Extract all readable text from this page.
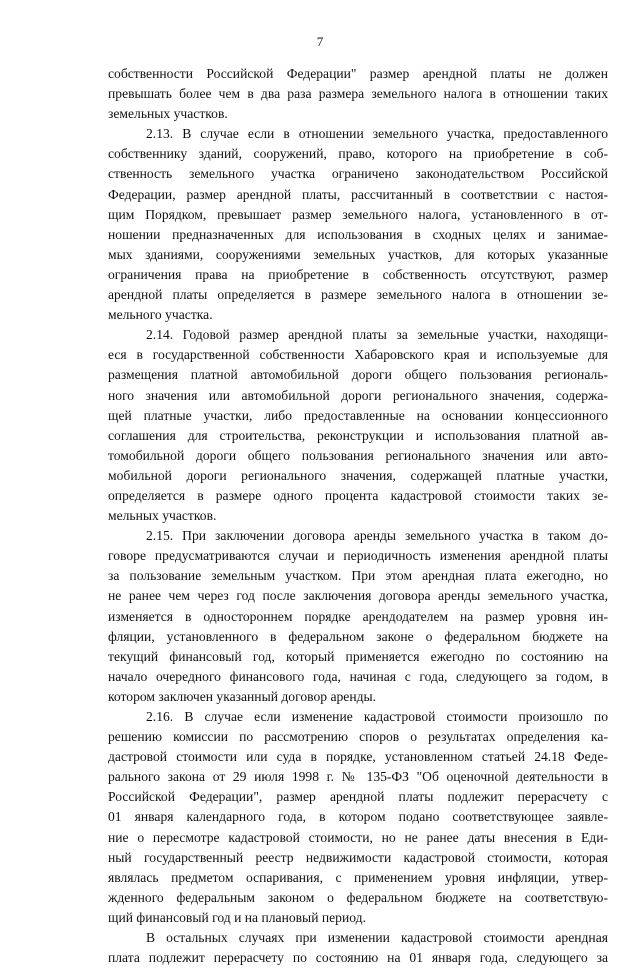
7

собственности Российской Федерации" размер арендной платы не должен

превышать более чем в два раза размера земельного налога в отношении таких

земельных участков.

2.13. В случае если в отношении земельного участка, предоставленного

собственнику зданий, сооружений, право, которого на приобретение в соб-

ственность земельного участка ограничено законодательством Российской

Федерации, размер арендной платы, рассчитанный в соответствии с настоя-

щим Порядком, превышает размер земельного налога, установленного в от-

ношении предназначенных для использования в сходных целях и занимае-

мых зданиями, сооружениями земельных участков, для которых указанные

ограничения права на приобретение в собственность отсутствуют, размер

арендной платы определяется в размере земельного налога в отношении зе-

мельного участка.

2.14. Годовой размер арендной платы за земельные участки, находящи-

еся в государственной собственности Хабаровского края и используемые для

размещения платной автомобильной дороги общего пользования региональ-

ного значения или автомобильной дороги регионального значения, содержа-

щей платные участки, либо предоставленные на основании концессионного

соглашения для строительства, реконструкции и использования платной ав-

томобильной дороги общего пользования регионального значения или авто-

мобильной дороги регионального значения, содержащей платные участки,

определяется в размере одного процента кадастровой стоимости таких зе-

мельных участков.

2.15. При заключении договора аренды земельного участка в таком до-

говоре предусматриваются случаи и периодичность изменения арендной платы

за пользование земельным участком. При этом арендная плата ежегодно, но

не ранее чем через год после заключения договора аренды земельного участка,

изменяется в одностороннем порядке арендодателем на размер уровня ин-

фляции, установленного в федеральном законе о федеральном бюджете на

текущий финансовый год, который применяется ежегодно по состоянию на

начало очередного финансового года, начиная с года, следующего за годом, в

котором заключен указанный договор аренды.

2.16. В случае если изменение кадастровой стоимости произошло по

решению комиссии по рассмотрению споров о результатах определения ка-

дастровой стоимости или суда в порядке, установленном статьей 24.18 Феде-

рального закона от 29 июля 1998 г. № 135-ФЗ "Об оценочной деятельности в

Российской Федерации", размер арендной платы подлежит перерасчету с

01 января календарного года, в котором подано соответствующее заявле-

ние о пересмотре кадастровой стоимости, но не ранее даты внесения в Еди-

ный государственный реестр недвижимости кадастровой стоимости, которая

являлась предметом оспаривания, с применением уровня инфляции, утвер-

жденного федеральным законом о федеральном бюджете на соответствую-

щий финансовый год и на плановый период.

В остальных случаях при изменении кадастровой стоимости арендная

плата подлежит перерасчету по состоянию на 01 января года, следующего за
